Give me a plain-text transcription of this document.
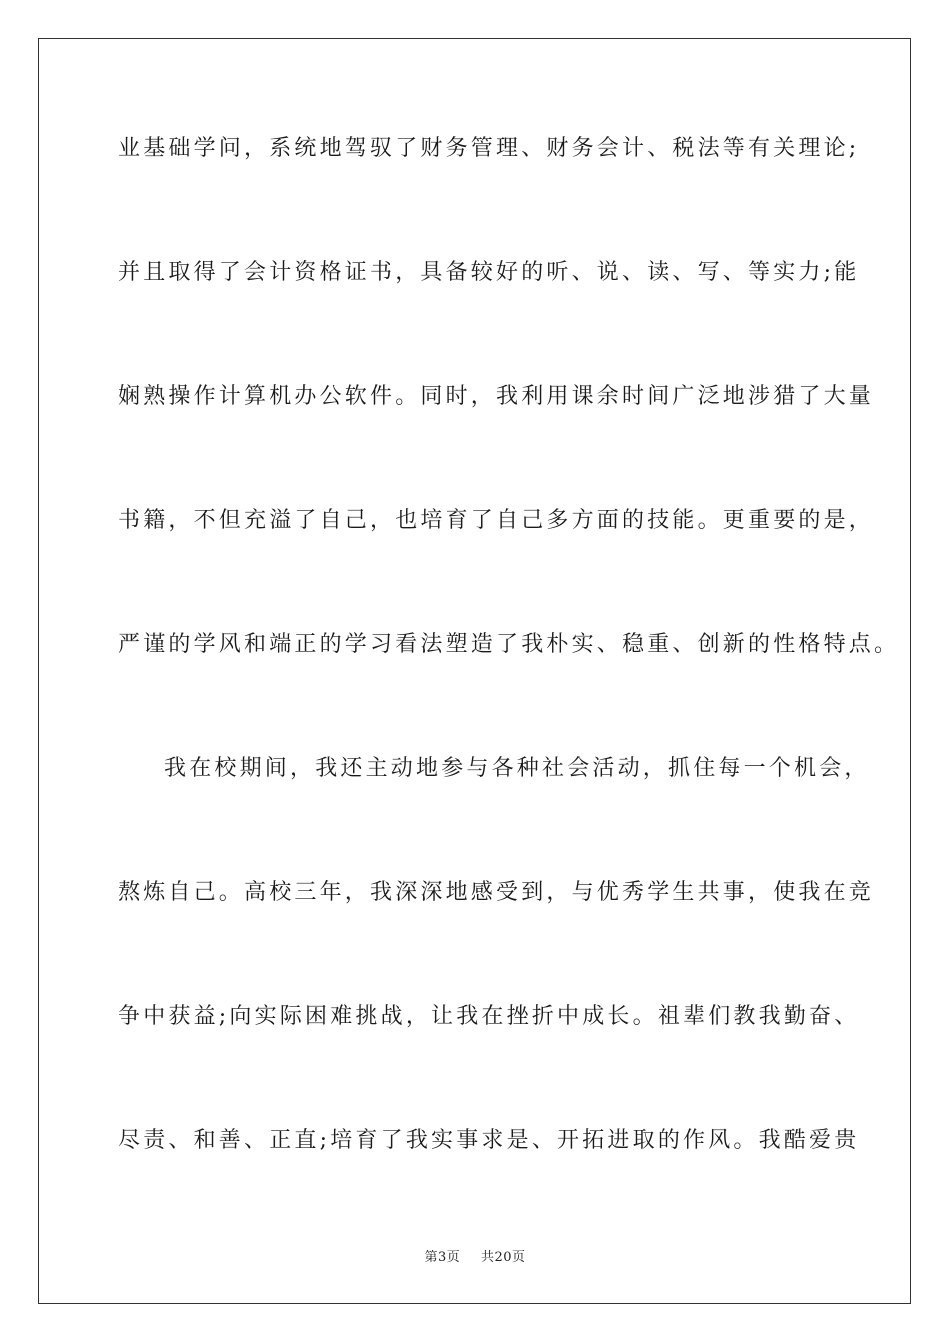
业基础学问，系统地驾驭了财务管理、财务会计、税法等有关理论;
并且取得了会计资格证书，具备较好的听、说、读、写、等实力;能
娴熟操作计算机办公软件。同时，我利用课余时间广泛地涉猎了大量
书籍，不但充溢了自己，也培育了自己多方面的技能。更重要的是，
严谨的学风和端正的学习看法塑造了我朴实、稳重、创新的性格特点。
我在校期间，我还主动地参与各种社会活动，抓住每一个机会，
熬炼自己。高校三年，我深深地感受到，与优秀学生共事，使我在竞
争中获益;向实际困难挑战，让我在挫折中成长。祖辈们教我勤奋、
尽责、和善、正直;培育了我实事求是、开拓进取的作风。我酷爱贵
第3页 共20页
